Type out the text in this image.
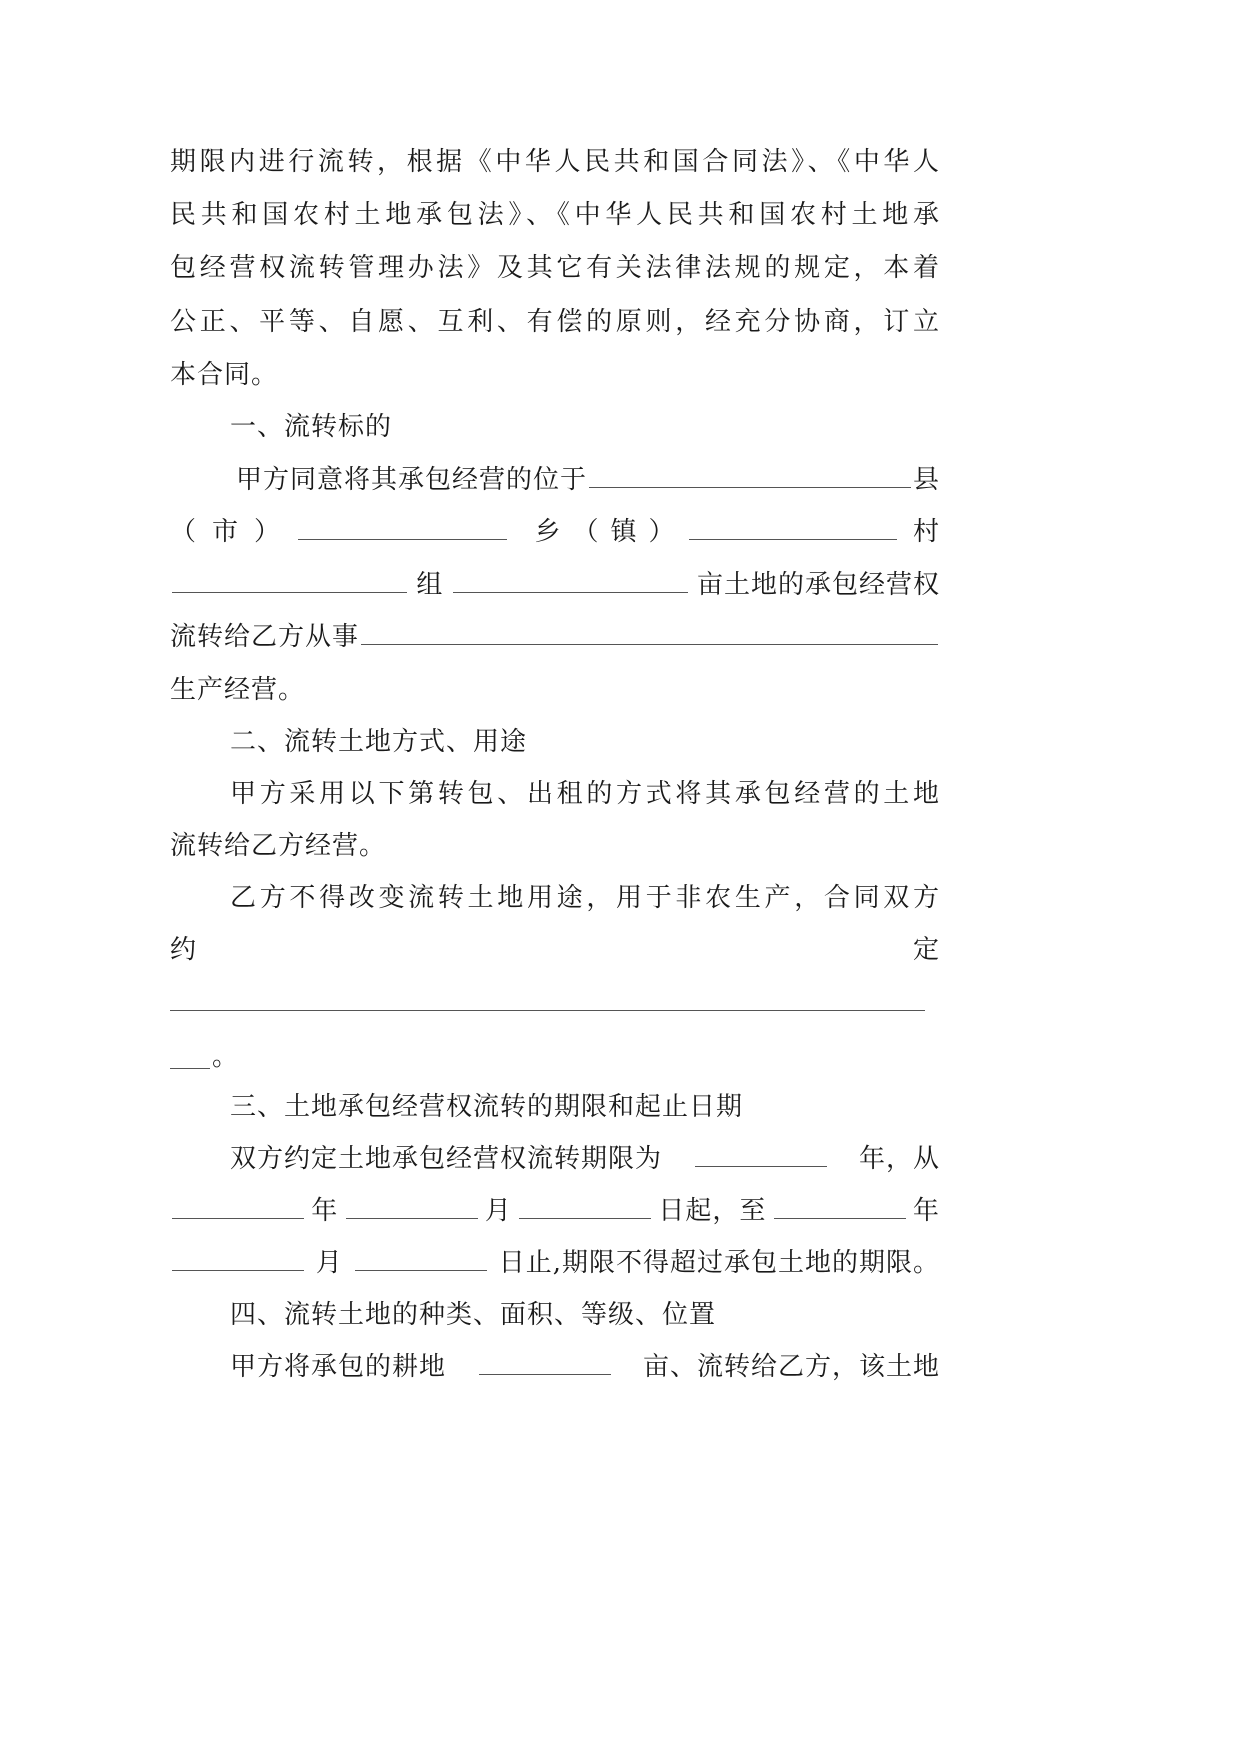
期限内进行流转，根据《中华人民共和国合同法》、《中华人
民共和国农村土地承包法》、《中华人民共和国农村土地承
包经营权流转管理办法》及其它有关法律法规的规定，本着
公正、平等、自愿、互利、有偿的原则，经充分协商，订立
本合同。
一、流转标的
甲方同意将其承包经营的位于	县
（市）	乡（镇）	村
组	亩土地的承包经营权
流转给乙方从事
生产经营。
二、流转土地方式、用途
甲方采用以下第转包、出租的方式将其承包经营的土地
流转给乙方经营。
乙方不得改变流转土地用途，用于非农生产，合同双方
约	定
。
三、土地承包经营权流转的期限和起止日期
双方约定土地承包经营权流转期限为	年，从
年	月	日起，至	年
月	日止,期限不得超过承包土地的期限。
四、流转土地的种类、面积、等级、位置
甲方将承包的耕地	亩、流转给乙方，该土地
